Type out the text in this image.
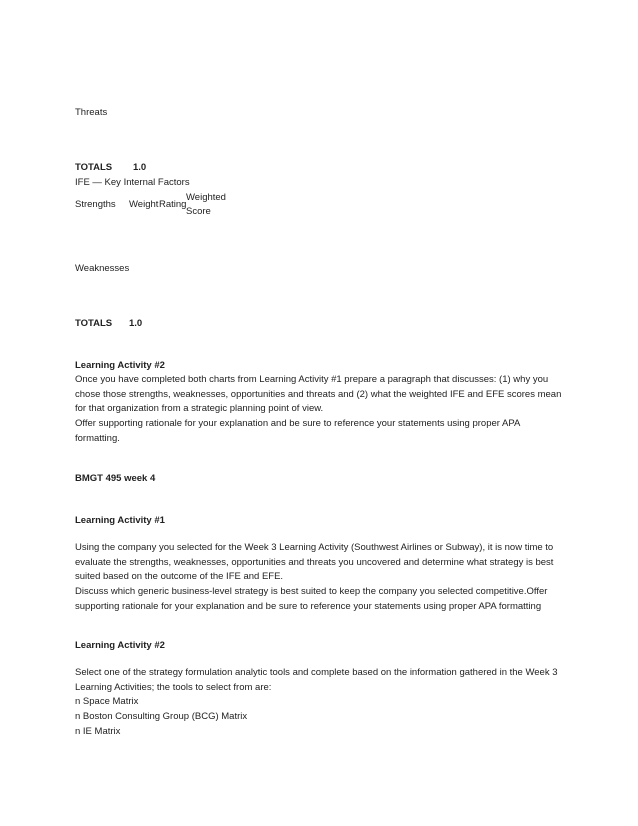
Threats
TOTALS 1.0
IFE — Key Internal Factors
Strengths Weight Rating
Weighted
Score
Weaknesses
TOTALS 1.0
Learning Activity #2
Once you have completed both charts from Learning Activity #1 prepare a paragraph that discusses: (1) why you
chose those strengths, weaknesses, opportunities and threats and (2) what the weighted IFE and EFE scores mean
for that organization from a strategic planning point of view.
Offer supporting rationale for your explanation and be sure to reference your statements using proper APA
formatting.
BMGT 495 week 4
Learning Activity #1
Using the company you selected for the Week 3 Learning Activity (Southwest Airlines or Subway), it is now time to
evaluate the strengths, weaknesses, opportunities and threats you uncovered and determine what strategy is best
suited based on the outcome of the IFE and EFE.
Discuss which generic business-level strategy is best suited to keep the company you selected competitive.Offer
supporting rationale for your explanation and be sure to reference your statements using proper APA formatting
Learning Activity #2
Select one of the strategy formulation analytic tools and complete based on the information gathered in the Week 3
Learning Activities; the tools to select from are:
n Space Matrix
n Boston Consulting Group (BCG) Matrix
n IE Matrix
